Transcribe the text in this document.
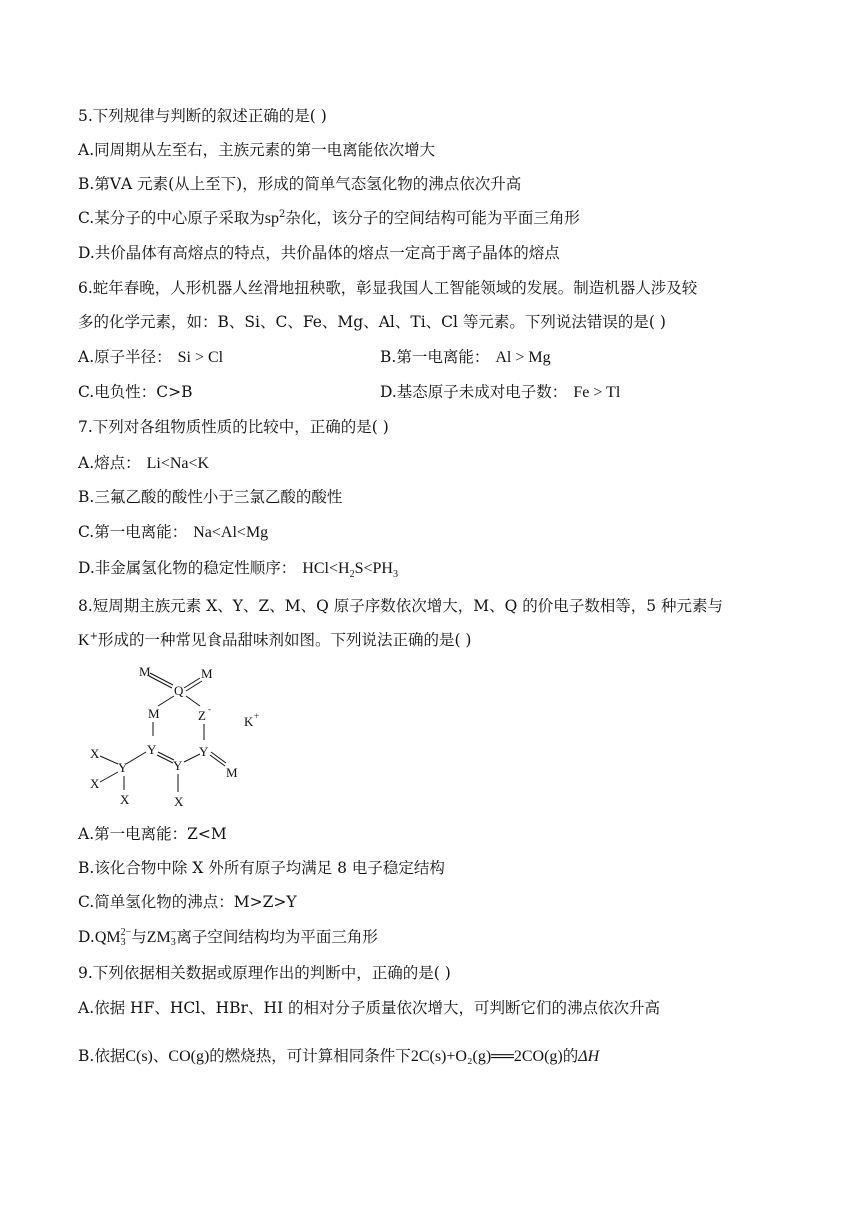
5.下列规律与判断的叙述正确的是( )
A.同周期从左至右，主族元素的第一电离能依次增大
B.第ⅤA 元素(从上至下)，形成的简单气态氢化物的沸点依次升高
C.某分子的中心原子采取为$sp^2$杂化，该分子的空间结构可能为平面三角形
D.共价晶体有高熔点的特点，共价晶体的熔点一定高于离子晶体的熔点
6.蛇年春晚，人形机器人丝滑地扭秧歌，彰显我国人工智能领域的发展。制造机器人涉及较
多的化学元素，如：B、Si、C、Fe、Mg、Al、Ti、Cl 等元素。下列说法错误的是( )
A.原子半径： Si > Cl	B.第一电离能： Al > Mg
C.电负性：C>B	D.基态原子未成对电子数： Fe > Tl
7.下列对各组物质性质的比较中，正确的是( )
A.熔点： Li<Na<K
B.三氟乙酸的酸性小于三氯乙酸的酸性
C.第一电离能： Na<Al<Mg
D.非金属氢化物的稳定性顺序： $HCl<H_2S<PH_3$
8.短周期主族元素 X、Y、Z、M、Q 原子序数依次增大，M、Q 的价电子数相等，5 种元素与
K+形成的一种常见食品甜味剂如图。下列说法正确的是( )
M
Q
M
M	Z -
K +
Y	Y
Y
Y	M
X
X
X	X
A.第一电离能：Z<M
B.该化合物中除 X 外所有原子均满足 8 电子稳定结构
C.简单氢化物的沸点：M>Z>Y
D.QM 2−
3 与ZM −
3 离子空间结构均为平面三角形
9.下列依据相关数据或原理作出的判断中，正确的是( )
A.依据 HF、HCl、HBr、HI 的相对分子质量依次增大，可判断它们的沸点依次升高
B.依据C(s)、CO(g)的燃烧热，可计算相同条件下2C(s)+O₂(g)══2CO(g)的ΔH
